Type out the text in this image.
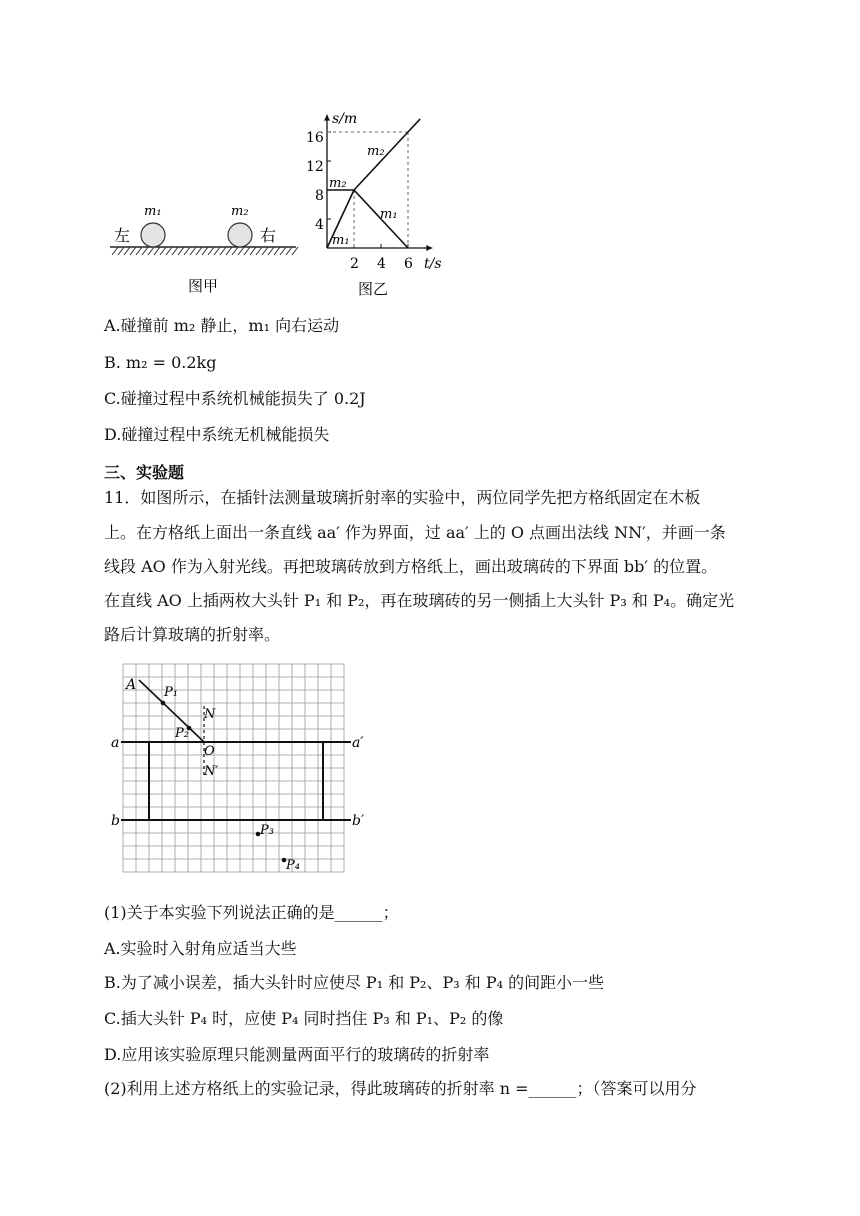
左	右
m₁	m₂
图甲
s/m
t/s
4
8
12
16
2 4 6
m₂
m₂
m₁
m₁
图乙
A.碰撞前 m₂ 静止，m₁ 向右运动
B. m₂ = 0.2kg
C.碰撞过程中系统机械能损失了 0.2J
D.碰撞过程中系统无机械能损失
三、实验题
11．如图所示，在插针法测量玻璃折射率的实验中，两位同学先把方格纸固定在木板
上。在方格纸上面出一条直线 aa′ 作为界面，过 aa′ 上的 O 点画出法线 NN′，并画一条
线段 AO 作为入射光线。再把玻璃砖放到方格纸上，画出玻璃砖的下界面 bb′ 的位置。
在直线 AO 上插两枚大头针 P₁ 和 P₂，再在玻璃砖的另一侧插上大头针 P₃ 和 P₄。确定光
路后计算玻璃的折射率。
A P₁
N
P₂
O
N′
a	a′
b	b′
P₃
P₄
(1)关于本实验下列说法正确的是______；
A.实验时入射角应适当大些
B.为了减小误差，插大头针时应使尽 P₁ 和 P₂、P₃ 和 P₄ 的间距小一些
C.插大头针 P₄ 时，应使 P₄ 同时挡住 P₃ 和 P₁、P₂ 的像
D.应用该实验原理只能测量两面平行的玻璃砖的折射率
(2)利用上述方格纸上的实验记录，得此玻璃砖的折射率 n =______；（答案可以用分
